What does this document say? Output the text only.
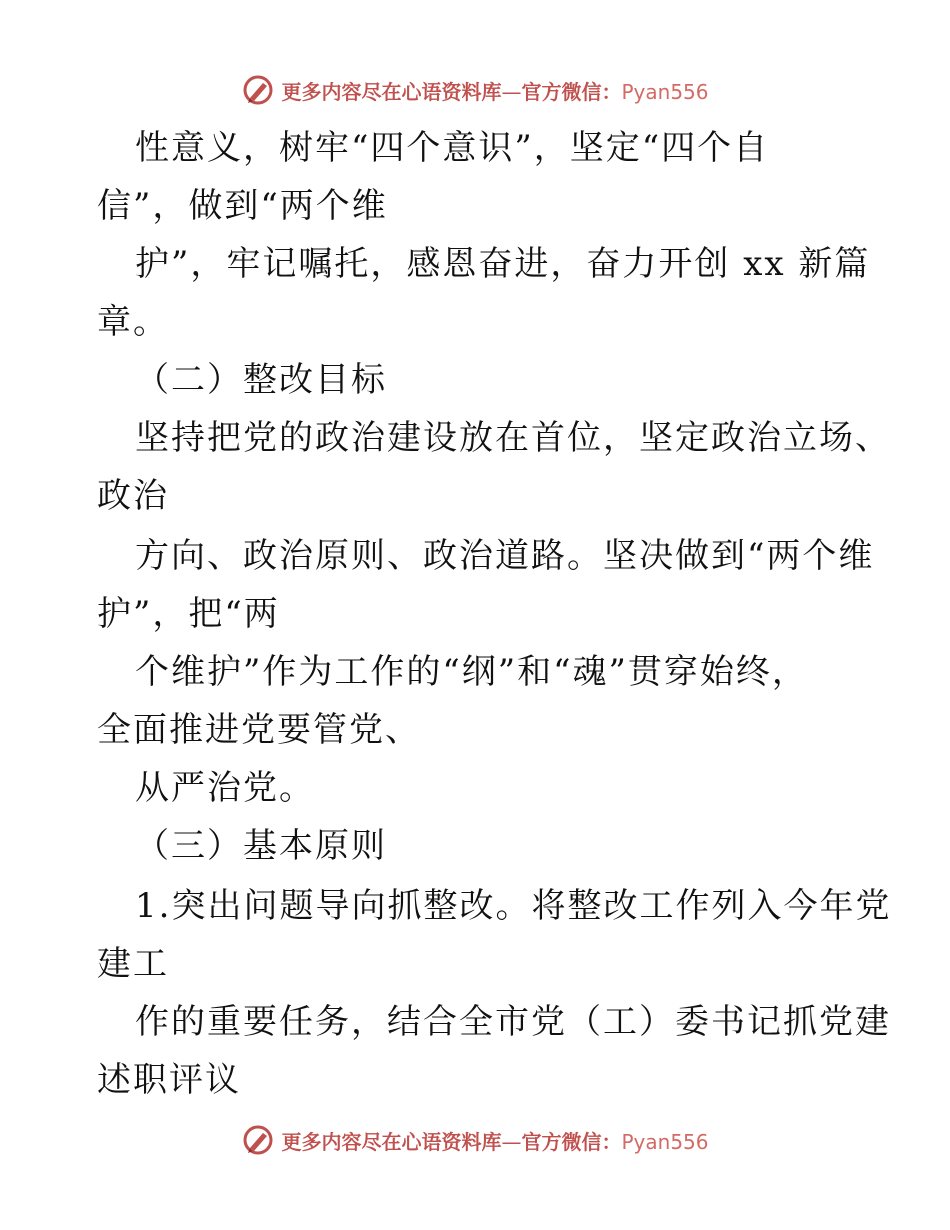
更多内容尽在心语资料库—官方微信：Pyan556
性意义，树牢“四个意识”，坚定“四个自
信”，做到“两个维
护”，牢记嘱托，感恩奋进，奋力开创 xx 新篇
章。
（二）整改目标
坚持把党的政治建设放在首位，坚定政治立场、
政治
方向、政治原则、政治道路。坚决做到“两个维
护”，把“两
个维护”作为工作的“纲”和“魂”贯穿始终，
全面推进党要管党、
从严治党。
（三）基本原则
1.突出问题导向抓整改。将整改工作列入今年党
建工
作的重要任务，结合全市党（工）委书记抓党建
述职评议
更多内容尽在心语资料库—官方微信：Pyan556
